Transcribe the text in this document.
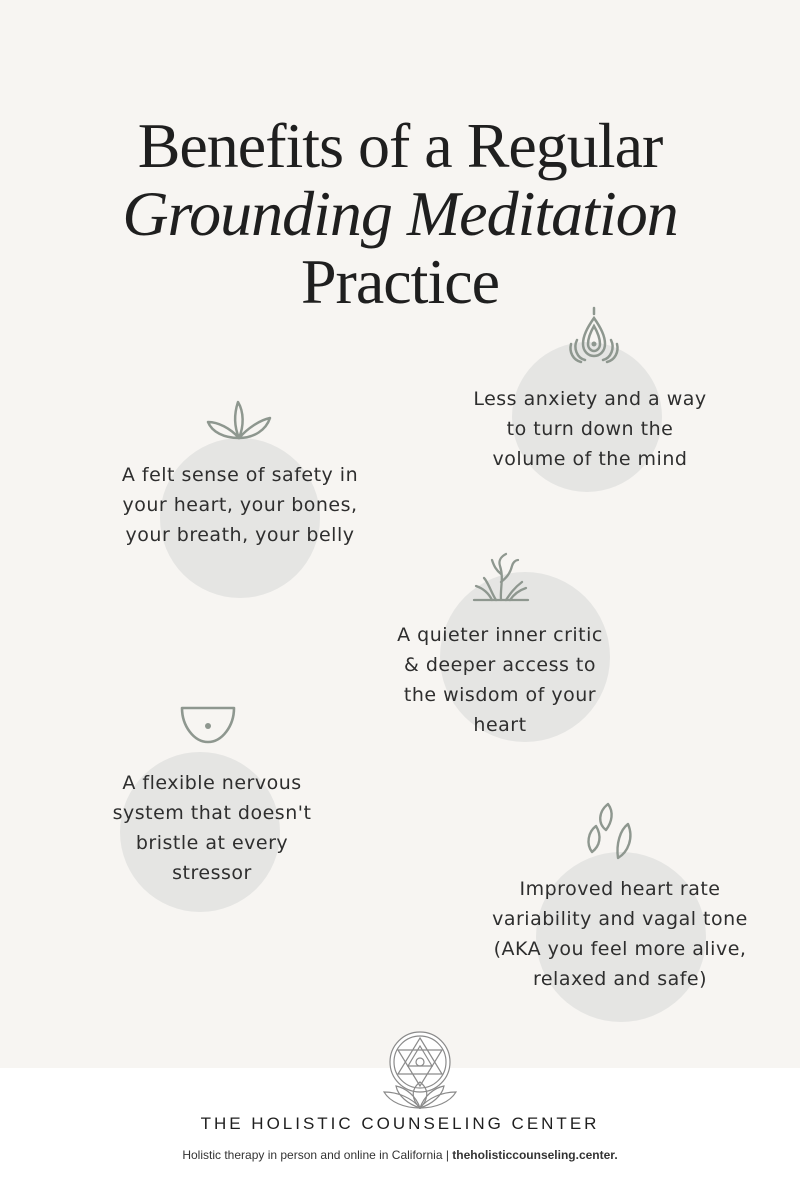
Benefits of a Regular
Grounding Meditation
Practice
Less anxiety and a way
to turn down the
volume of the mind
A felt sense of safety in
your heart, your bones,
your breath, your belly
A quieter inner critic
& deeper access to
the wisdom of your
heart
A flexible nervous
system that doesn't
bristle at every
stressor
Improved heart rate
variability and vagal tone
(AKA you feel more alive,
relaxed and safe)
THE HOLISTIC COUNSELING CENTER
Holistic therapy in person and online in California | theholisticcounseling.center.
